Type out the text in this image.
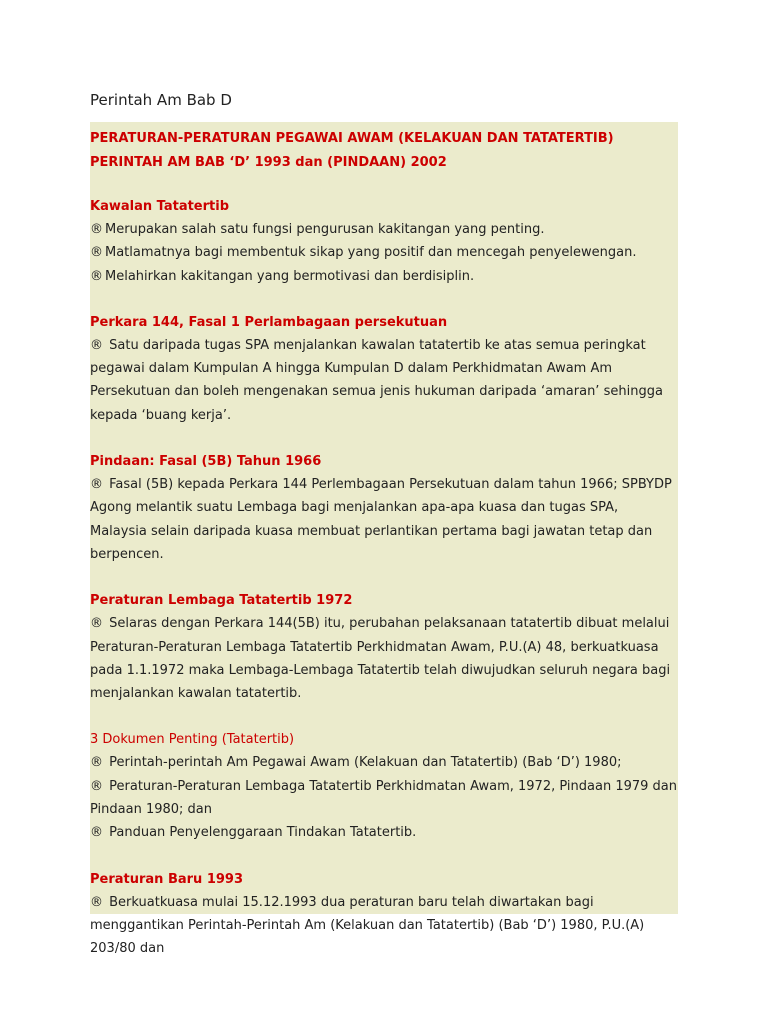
Perintah Am Bab D

PERATURAN-PERATURAN PEGAWAI AWAM (KELAKUAN DAN TATATERTIB) PERINTAH AM BAB ‘D’ 1993 dan (PINDAAN) 2002

Kawalan Tatatertib

® Merupakan salah satu fungsi pengurusan kakitangan yang penting.

® Matlamatnya bagi membentuk sikap yang positif dan mencegah penyelewengan.

® Melahirkan kakitangan yang bermotivasi dan berdisiplin.

Perkara 144, Fasal 1 Perlambagaan persekutuan

® Satu daripada tugas SPA menjalankan kawalan tatatertib ke atas semua peringkat pegawai dalam Kumpulan A hingga Kumpulan D dalam Perkhidmatan Awam Am Persekutuan dan boleh mengenakan semua jenis hukuman daripada ‘amaran’ sehingga kepada ‘buang kerja’.

Pindaan: Fasal (5B) Tahun 1966

® Fasal (5B) kepada Perkara 144 Perlembagaan Persekutuan dalam tahun 1966; SPBYDP Agong melantik suatu Lembaga bagi menjalankan apa-apa kuasa dan tugas SPA, Malaysia selain daripada kuasa membuat perlantikan pertama bagi jawatan tetap dan berpencen.

Peraturan Lembaga Tatatertib 1972

® Selaras dengan Perkara 144(5B) itu, perubahan pelaksanaan tatatertib dibuat melalui Peraturan-Peraturan Lembaga Tatatertib Perkhidmatan Awam, P.U.(A) 48, berkuatkuasa pada 1.1.1972 maka Lembaga-Lembaga Tatatertib telah diwujudkan seluruh negara bagi menjalankan kawalan tatatertib.

3 Dokumen Penting (Tatatertib)

® Perintah-perintah Am Pegawai Awam (Kelakuan dan Tatatertib) (Bab ‘D’) 1980;

® Peraturan-Peraturan Lembaga Tatatertib Perkhidmatan Awam, 1972, Pindaan 1979 dan Pindaan 1980; dan

® Panduan Penyelenggaraan Tindakan Tatatertib.

Peraturan Baru 1993

® Berkuatkuasa mulai 15.12.1993 dua peraturan baru telah diwartakan bagi menggantikan Perintah-Perintah Am (Kelakuan dan Tatatertib) (Bab ‘D’) 1980, P.U.(A) 203/80 dan
